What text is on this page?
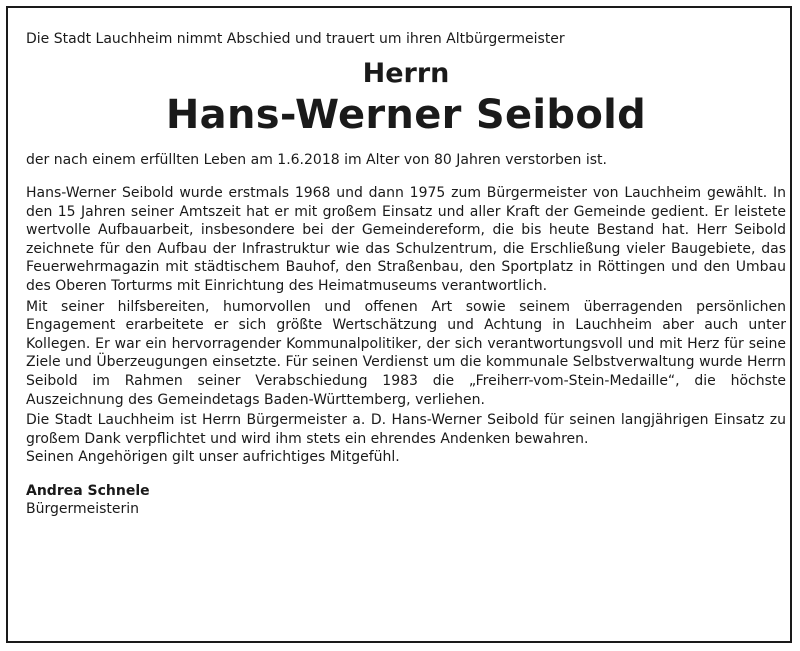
Die Stadt Lauchheim nimmt Abschied und trauert um ihren Altbürgermeister

Herrn

Hans-Werner Seibold

der nach einem erfüllten Leben am 1.6.2018 im Alter von 80 Jahren verstorben ist.

Hans-Werner Seibold wurde erstmals 1968 und dann 1975 zum Bürgermeister von Lauchheim gewählt. In den 15 Jahren seiner Amtszeit hat er mit großem Einsatz und aller Kraft der Gemeinde gedient. Er leistete wertvolle Aufbauarbeit, insbesondere bei der Gemeindereform, die bis heute Bestand hat. Herr Seibold zeichnete für den Aufbau der Infrastruktur wie das Schulzentrum, die Erschließung vieler Baugebiete, das Feuerwehrmagazin mit städtischem Bauhof, den Straßenbau, den Sportplatz in Röttingen und den Umbau des Oberen Torturms mit Einrichtung des Heimatmuseums verantwortlich.

Mit seiner hilfsbereiten, humorvollen und offenen Art sowie seinem überragenden persönlichen Engagement erarbeitete er sich größte Wertschätzung und Achtung in Lauchheim aber auch unter Kollegen. Er war ein hervorragender Kommunalpolitiker, der sich verantwortungsvoll und mit Herz für seine Ziele und Überzeugungen einsetzte. Für seinen Verdienst um die kommunale Selbstverwaltung wurde Herrn Seibold im Rahmen seiner Verabschiedung 1983 die „Freiherr-vom-Stein-Medaille“, die höchste Auszeichnung des Gemeindetags Baden-Württemberg, verliehen.

Die Stadt Lauchheim ist Herrn Bürgermeister a. D. Hans-Werner Seibold für seinen langjährigen Einsatz zu großem Dank verpflichtet und wird ihm stets ein ehrendes Andenken bewahren.

Seinen Angehörigen gilt unser aufrichtiges Mitgefühl.

Andrea Schnele

Bürgermeisterin
